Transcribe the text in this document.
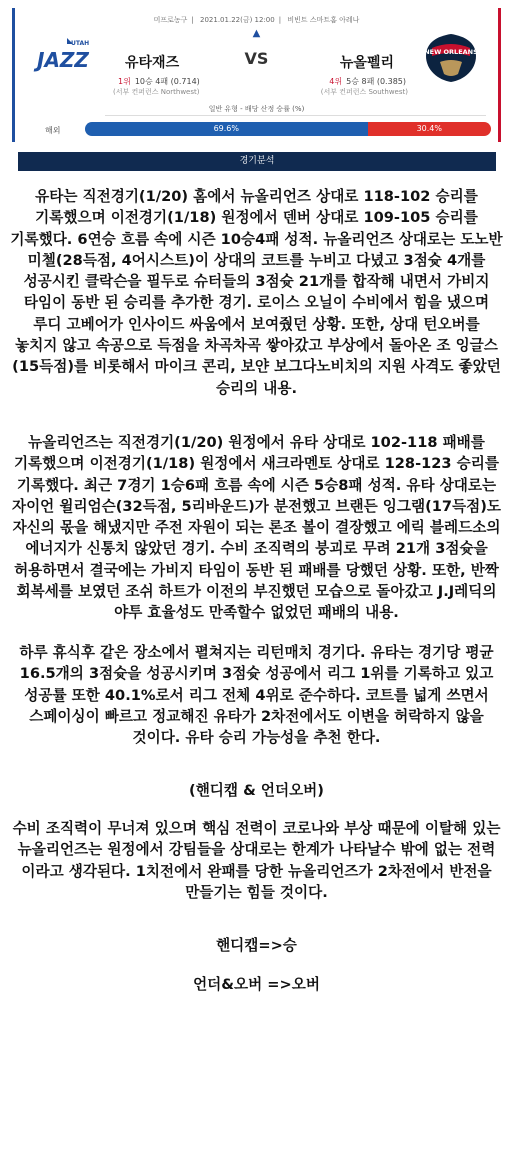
미프로농구 | 2021.01.22(금) 12:00 | 비빈트 스마트홈 아레나
▲
JAZZ
UTAH
NEW ORLEANS
유타재즈	VS	뉴올펠리
1위 10승 4패 (0.714)	4위 5승 8패 (0.385)
(서부 컨퍼런스 Northwest)	(서부 컨퍼런스 Southwest)
일반 유형 - 배당 산정 승률 (%)
해외	69.6%	30.4%
경기분석
유타는 직전경기(1/20) 홈에서 뉴올리언즈 상대로 118-102 승리를 기록했으며 이전경기(1/18) 원정에서 덴버 상대로 109-105 승리를 기록했다. 6연승 흐름 속에 시즌 10승4패 성적. 뉴올리언즈 상대로는 도노반 미첼(28득점, 4어시스트)이 상대의 코트를 누비고 다녔고 3점슛 4개를 성공시킨 클락슨을 필두로 슈터들의 3점슛 21개를 합작해 내면서 가비지 타임이 동반 된 승리를 추가한 경기. 로이스 오닐이 수비에서 힘을 냈으며 루디 고베어가 인사이드 싸움에서 보여줬던 상황. 또한, 상대 턴오버를 놓치지 않고 속공으로 득점을 차곡차곡 쌓아갔고 부상에서 돌아온 조 잉글스(15득점)를 비롯해서 마이크 콘리, 보얀 보그다노비치의 지원 사격도 좋았던 승리의 내용.
뉴올리언즈는 직전경기(1/20) 원정에서 유타 상대로 102-118 패배를 기록했으며 이전경기(1/18) 원정에서 새크라멘토 상대로 128-123 승리를 기록했다. 최근 7경기 1승6패 흐름 속에 시즌 5승8패 성적. 유타 상대로는 자이언 윌리엄슨(32득점, 5리바운드)가 분전했고 브랜든 잉그램(17득점)도 자신의 몫을 해냈지만 주전 자원이 되는 론조 볼이 결장했고 에릭 블레드소의 에너지가 신통치 않았던 경기. 수비 조직력의 붕괴로 무려 21개 3점슛을 허용하면서 결국에는 가비지 타임이 동반 된 패배를 당했던 상황. 또한, 반짝 회복세를 보였던 조쉬 하트가 이전의 부진했던 모습으로 돌아갔고 J.J레딕의 야투 효율성도 만족할수 없었던 패배의 내용.
하루 휴식후 같은 장소에서 펼쳐지는 리턴매치 경기다. 유타는 경기당 평균 16.5개의 3점슛을 성공시키며 3점슛 성공에서 리그 1위를 기록하고 있고 성공률 또한 40.1%로서 리그 전체 4위로 준수하다. 코트를 넓게 쓰면서 스페이싱이 빠르고 정교해진 유타가 2차전에서도 이변을 허락하지 않을 것이다. 유타 승리 가능성을 추천 한다.
(핸디캡 & 언더오버)
수비 조직력이 무너져 있으며 핵심 전력이 코로나와 부상 때문에 이탈해 있는 뉴올리언즈는 원정에서 강팀들을 상대로는 한계가 나타날수 밖에 없는 전력 이라고 생각된다. 1치전에서 완패를 당한 뉴올리언즈가 2차전에서 반전을 만들기는 힘들 것이다.
핸디캡=>승
언더&오버 =>오버
